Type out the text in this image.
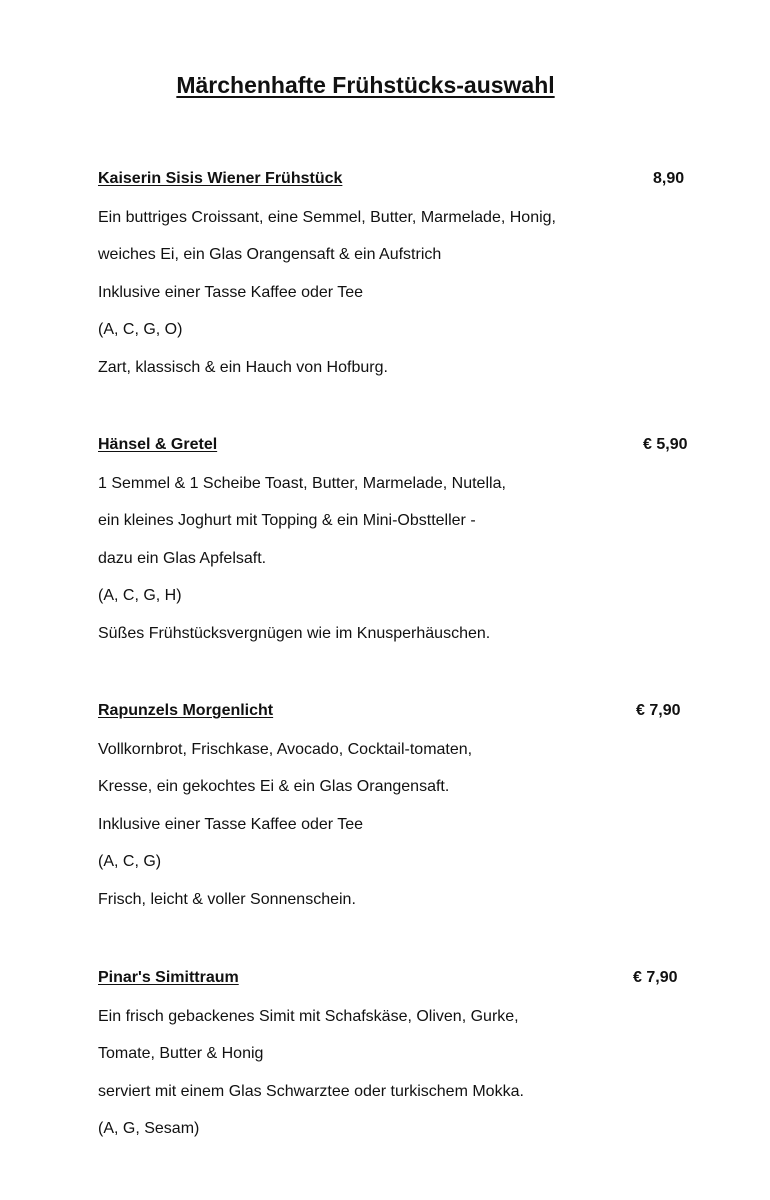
Märchenhafte Frühstücks-auswahl
Kaiserin Sisis Wiener Frühstück	8,90
Ein buttriges Croissant, eine Semmel, Butter, Marmelade, Honig,
weiches Ei, ein Glas Orangensaft & ein Aufstrich
Inklusive einer Tasse Kaffee oder Tee
(A, C, G, O)
Zart, klassisch & ein Hauch von Hofburg.
Hänsel & Gretel	€ 5,90
1 Semmel & 1 Scheibe Toast, Butter, Marmelade, Nutella,
ein kleines Joghurt mit Topping & ein Mini-Obstteller -
dazu ein Glas Apfelsaft.
(A, C, G, H)
Süßes Frühstücksvergnügen wie im Knusperhäuschen.
Rapunzels Morgenlicht	€ 7,90
Vollkornbrot, Frischkase, Avocado, Cocktail-tomaten,
Kresse, ein gekochtes Ei & ein Glas Orangensaft.
Inklusive einer Tasse Kaffee oder Tee
(A, C, G)
Frisch, leicht & voller Sonnenschein.
Pinar's Simittraum	€ 7,90
Ein frisch gebackenes Simit mit Schafskäse, Oliven, Gurke,
Tomate, Butter & Honig
serviert mit einem Glas Schwarztee oder turkischem Mokka.
(A, G, Sesam)
